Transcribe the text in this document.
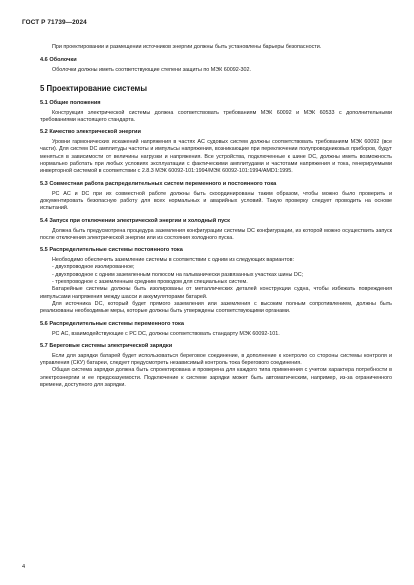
ГОСТ Р 71739—2024

При проектировании и размещении источников энергии должны быть установлены барьеры безопасности.

4.6 Оболочки

Оболочки должны иметь соответствующие степени защиты по МЭК 60092-302.

5 Проектирование системы

5.1 Общие положения

Конструкция электрической системы должна соответствовать требованиям МЭК 60092 и МЭК 60533 с дополнительными требованиями настоящего стандарта.

5.2 Качество электрической энергии

Уровни гармонических искажений напряжения в частях AC судовых систем должны соответствовать требованиям МЭК 60092 (все части). Для систем DC амплитуды частоты и импульсы напряжения, возникающие при переключении полупроводниковых приборов, будут меняться в зависимости от величины нагрузки и напряжения. Все устройства, подключенные к шине DC, должны иметь возможность нормально работать при любых условиях эксплуатации с фактическими амплитудами и частотами напряжения и тока, генерируемыми инверторной системой в соответствии с 2.8.3 МЭК 60092-101:1994/МЭК 60092-101:1994/AMD1:1995.

5.3 Совместная работа распределительных систем переменного и постоянного тока

РС AC и DC при их совместной работе должны быть скоординированы таким образом, чтобы можно было проверить и документировать безопасную работу для всех нормальных и аварийных условий. Такую проверку следует проводить на основе испытаний.

5.4 Запуск при отключении электрической энергии и холодный пуск

Должна быть предусмотрена процедура заземления конфигурации системы DC конфигурации, из которой можно осуществить запуск после отключения электрической энергии или из состояния холодного пуска.

5.5 Распределительные системы постоянного тока

Необходимо обеспечить заземление системы в соответствии с одним из следующих вариантов:

- двухпроводное изолированное;

- двухпроводное с одним заземленным полюсом на гальванически развязанных участках шины DC;

- трехпроводное с заземленным средним проводом для специальных систем.

Батарейные системы должны быть изолированы от металлических деталей конструкции судна, чтобы избежать повреждения импульсами напряжения между шасси и аккумуляторами батарей.

Для источника DC, который будет прямого заземления или заземления с высоким полным сопротивлением, должны быть реализованы необходимые меры, которые должны быть утверждены соответствующими органами.

5.6 Распределительные системы переменного тока

РС AC, взаимодействующие с РС DC, должны соответствовать стандарту МЭК 60092-101.

5.7 Береговые системы электрической зарядки

Если для зарядки батарей будет использоваться береговое соединение, в дополнение к контролю со стороны системы контроля и управления (СКУ) батареи, следует предусмотреть независимый контроль тока берегового соединения.

Общая система зарядки должна быть спроектирована и проверена для каждого типа применения с учетом характера потребности в электроэнергии и ее предсказуемости. Подключение к системе зарядки может быть автоматическим, например, из-за ограниченного времени, доступного для зарядки.

4
